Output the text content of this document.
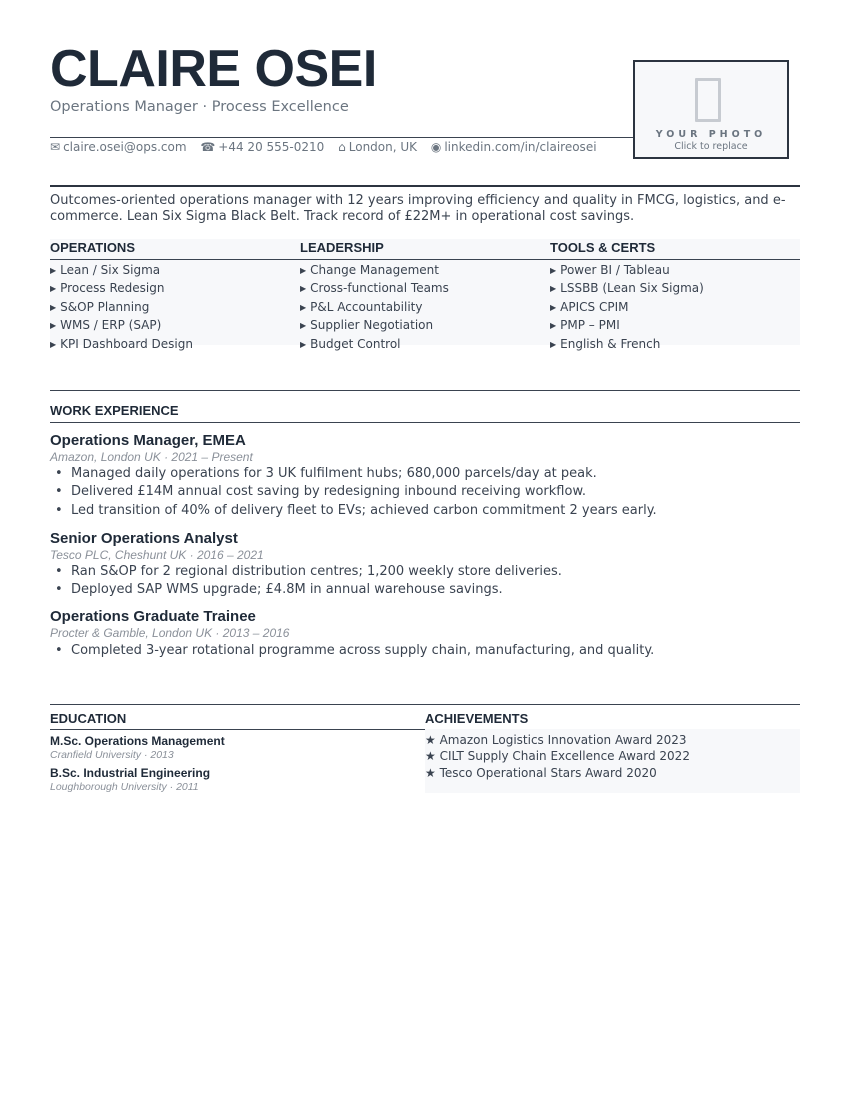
CLAIRE OSEI
Operations Manager · Process Excellence
✉ claire.osei@ops.com ☎ +44 20 555-0210 ⌂ London, UK ◉ linkedin.com/in/claireosei
YOUR PHOTO
Click to replace
Outcomes-oriented operations manager with 12 years improving efficiency and quality in FMCG, logistics, and e-commerce. Lean Six Sigma Black Belt. Track record of £22M+ in operational cost savings.
OPERATIONS
▶ Lean / Six Sigma
▶ Process Redesign
▶ S&OP Planning
▶ WMS / ERP (SAP)
▶ KPI Dashboard Design
LEADERSHIP
▶ Change Management
▶ Cross-functional Teams
▶ P&L Accountability
▶ Supplier Negotiation
▶ Budget Control
TOOLS & CERTS
▶ Power BI / Tableau
▶ LSSBB (Lean Six Sigma)
▶ APICS CPIM
▶ PMP – PMI
▶ English & French
WORK EXPERIENCE
Operations Manager, EMEA
Amazon, London UK · 2021 – Present
• Managed daily operations for 3 UK fulfilment hubs; 680,000 parcels/day at peak.
• Delivered £14M annual cost saving by redesigning inbound receiving workflow.
• Led transition of 40% of delivery fleet to EVs; achieved carbon commitment 2 years early.
Senior Operations Analyst
Tesco PLC, Cheshunt UK · 2016 – 2021
• Ran S&OP for 2 regional distribution centres; 1,200 weekly store deliveries.
• Deployed SAP WMS upgrade; £4.8M in annual warehouse savings.
Operations Graduate Trainee
Procter & Gamble, London UK · 2013 – 2016
• Completed 3-year rotational programme across supply chain, manufacturing, and quality.
EDUCATION	ACHIEVEMENTS
M.Sc. Operations Management
Cranfield University · 2013
B.Sc. Industrial Engineering
Loughborough University · 2011
★ Amazon Logistics Innovation Award 2023
★ CILT Supply Chain Excellence Award 2022
★ Tesco Operational Stars Award 2020
